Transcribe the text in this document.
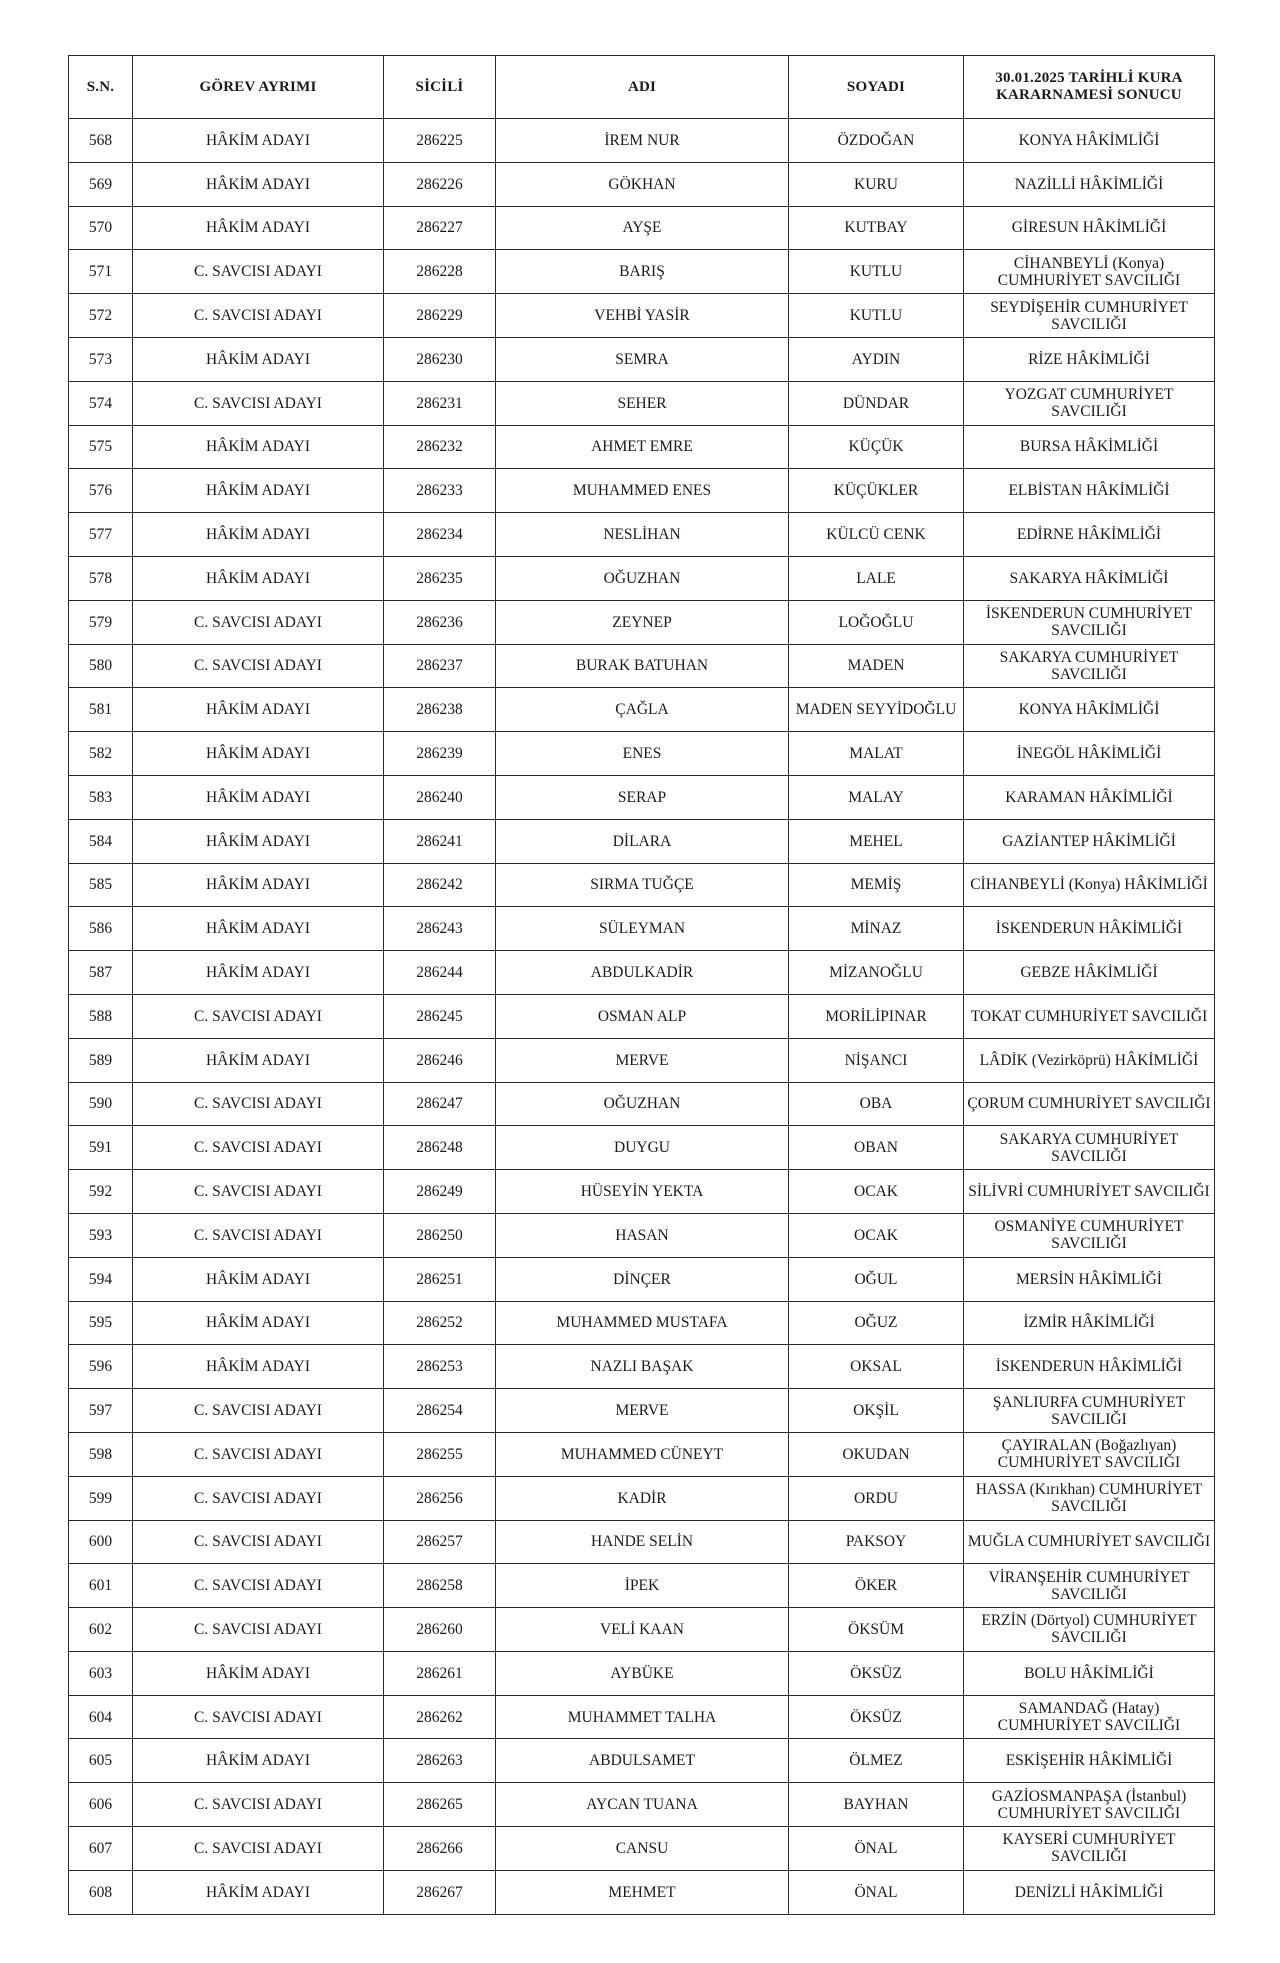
S.N.	GÖREV AYRIMI	SİCİLİ	ADI	SOYADI	30.01.2025 TARİHLİ KURA KARARNAMESİ SONUCU
568	HÂKİM ADAYI	286225	İREM NUR	ÖZDOĞAN	KONYA HÂKİMLİĞİ
569	HÂKİM ADAYI	286226	GÖKHAN	KURU	NAZİLLİ HÂKİMLİĞİ
570	HÂKİM ADAYI	286227	AYŞE	KUTBAY	GİRESUN HÂKİMLİĞİ
571	C. SAVCISI ADAYI	286228	BARIŞ	KUTLU	CİHANBEYLİ (Konya) CUMHURİYET SAVCILIĞI
572	C. SAVCISI ADAYI	286229	VEHBİ YASİR	KUTLU	SEYDİŞEHİR CUMHURİYET SAVCILIĞI
573	HÂKİM ADAYI	286230	SEMRA	AYDIN	RİZE HÂKİMLİĞİ
574	C. SAVCISI ADAYI	286231	SEHER	DÜNDAR	YOZGAT CUMHURİYET SAVCILIĞI
575	HÂKİM ADAYI	286232	AHMET EMRE	KÜÇÜK	BURSA HÂKİMLİĞİ
576	HÂKİM ADAYI	286233	MUHAMMED ENES	KÜÇÜKLER	ELBİSTAN HÂKİMLİĞİ
577	HÂKİM ADAYI	286234	NESLİHAN	KÜLCÜ CENK	EDİRNE HÂKİMLİĞİ
578	HÂKİM ADAYI	286235	OĞUZHAN	LALE	SAKARYA HÂKİMLİĞİ
579	C. SAVCISI ADAYI	286236	ZEYNEP	LOĞOĞLU	İSKENDERUN CUMHURİYET SAVCILIĞI
580	C. SAVCISI ADAYI	286237	BURAK BATUHAN	MADEN	SAKARYA CUMHURİYET SAVCILIĞI
581	HÂKİM ADAYI	286238	ÇAĞLA	MADEN SEYYİDOĞLU	KONYA HÂKİMLİĞİ
582	HÂKİM ADAYI	286239	ENES	MALAT	İNEGÖL HÂKİMLİĞİ
583	HÂKİM ADAYI	286240	SERAP	MALAY	KARAMAN HÂKİMLİĞİ
584	HÂKİM ADAYI	286241	DİLARA	MEHEL	GAZİANTEP HÂKİMLİĞİ
585	HÂKİM ADAYI	286242	SIRMA TUĞÇE	MEMİŞ	CİHANBEYLİ (Konya) HÂKİMLİĞİ
586	HÂKİM ADAYI	286243	SÜLEYMAN	MİNAZ	İSKENDERUN HÂKİMLİĞİ
587	HÂKİM ADAYI	286244	ABDULKADİR	MİZANOĞLU	GEBZE HÂKİMLİĞİ
588	C. SAVCISI ADAYI	286245	OSMAN ALP	MORİLİPINAR	TOKAT CUMHURİYET SAVCILIĞI
589	HÂKİM ADAYI	286246	MERVE	NİŞANCI	LÂDİK (Vezirköprü) HÂKİMLİĞİ
590	C. SAVCISI ADAYI	286247	OĞUZHAN	OBA	ÇORUM CUMHURİYET SAVCILIĞI
591	C. SAVCISI ADAYI	286248	DUYGU	OBAN	SAKARYA CUMHURİYET SAVCILIĞI
592	C. SAVCISI ADAYI	286249	HÜSEYİN YEKTA	OCAK	SİLİVRİ CUMHURİYET SAVCILIĞI
593	C. SAVCISI ADAYI	286250	HASAN	OCAK	OSMANİYE CUMHURİYET SAVCILIĞI
594	HÂKİM ADAYI	286251	DİNÇER	OĞUL	MERSİN HÂKİMLİĞİ
595	HÂKİM ADAYI	286252	MUHAMMED MUSTAFA	OĞUZ	İZMİR HÂKİMLİĞİ
596	HÂKİM ADAYI	286253	NAZLI BAŞAK	OKSAL	İSKENDERUN HÂKİMLİĞİ
597	C. SAVCISI ADAYI	286254	MERVE	OKŞİL	ŞANLIURFA CUMHURİYET SAVCILIĞI
598	C. SAVCISI ADAYI	286255	MUHAMMED CÜNEYT	OKUDAN	ÇAYIRALAN (Boğazlıyan) CUMHURİYET SAVCILIĞI
599	C. SAVCISI ADAYI	286256	KADİR	ORDU	HASSA (Kırıkhan) CUMHURİYET SAVCILIĞI
600	C. SAVCISI ADAYI	286257	HANDE SELİN	PAKSOY	MUĞLA CUMHURİYET SAVCILIĞI
601	C. SAVCISI ADAYI	286258	İPEK	ÖKER	VİRANŞEHİR CUMHURİYET SAVCILIĞI
602	C. SAVCISI ADAYI	286260	VELİ KAAN	ÖKSÜM	ERZİN (Dörtyol) CUMHURİYET SAVCILIĞI
603	HÂKİM ADAYI	286261	AYBÜKE	ÖKSÜZ	BOLU HÂKİMLİĞİ
604	C. SAVCISI ADAYI	286262	MUHAMMET TALHA	ÖKSÜZ	SAMANDAĞ (Hatay) CUMHURİYET SAVCILIĞI
605	HÂKİM ADAYI	286263	ABDULSAMET	ÖLMEZ	ESKİŞEHİR HÂKİMLİĞİ
606	C. SAVCISI ADAYI	286265	AYCAN TUANA	BAYHAN	GAZİOSMANPAŞA (İstanbul) CUMHURİYET SAVCILIĞI
607	C. SAVCISI ADAYI	286266	CANSU	ÖNAL	KAYSERİ CUMHURİYET SAVCILIĞI
608	HÂKİM ADAYI	286267	MEHMET	ÖNAL	DENİZLİ HÂKİMLİĞİ
